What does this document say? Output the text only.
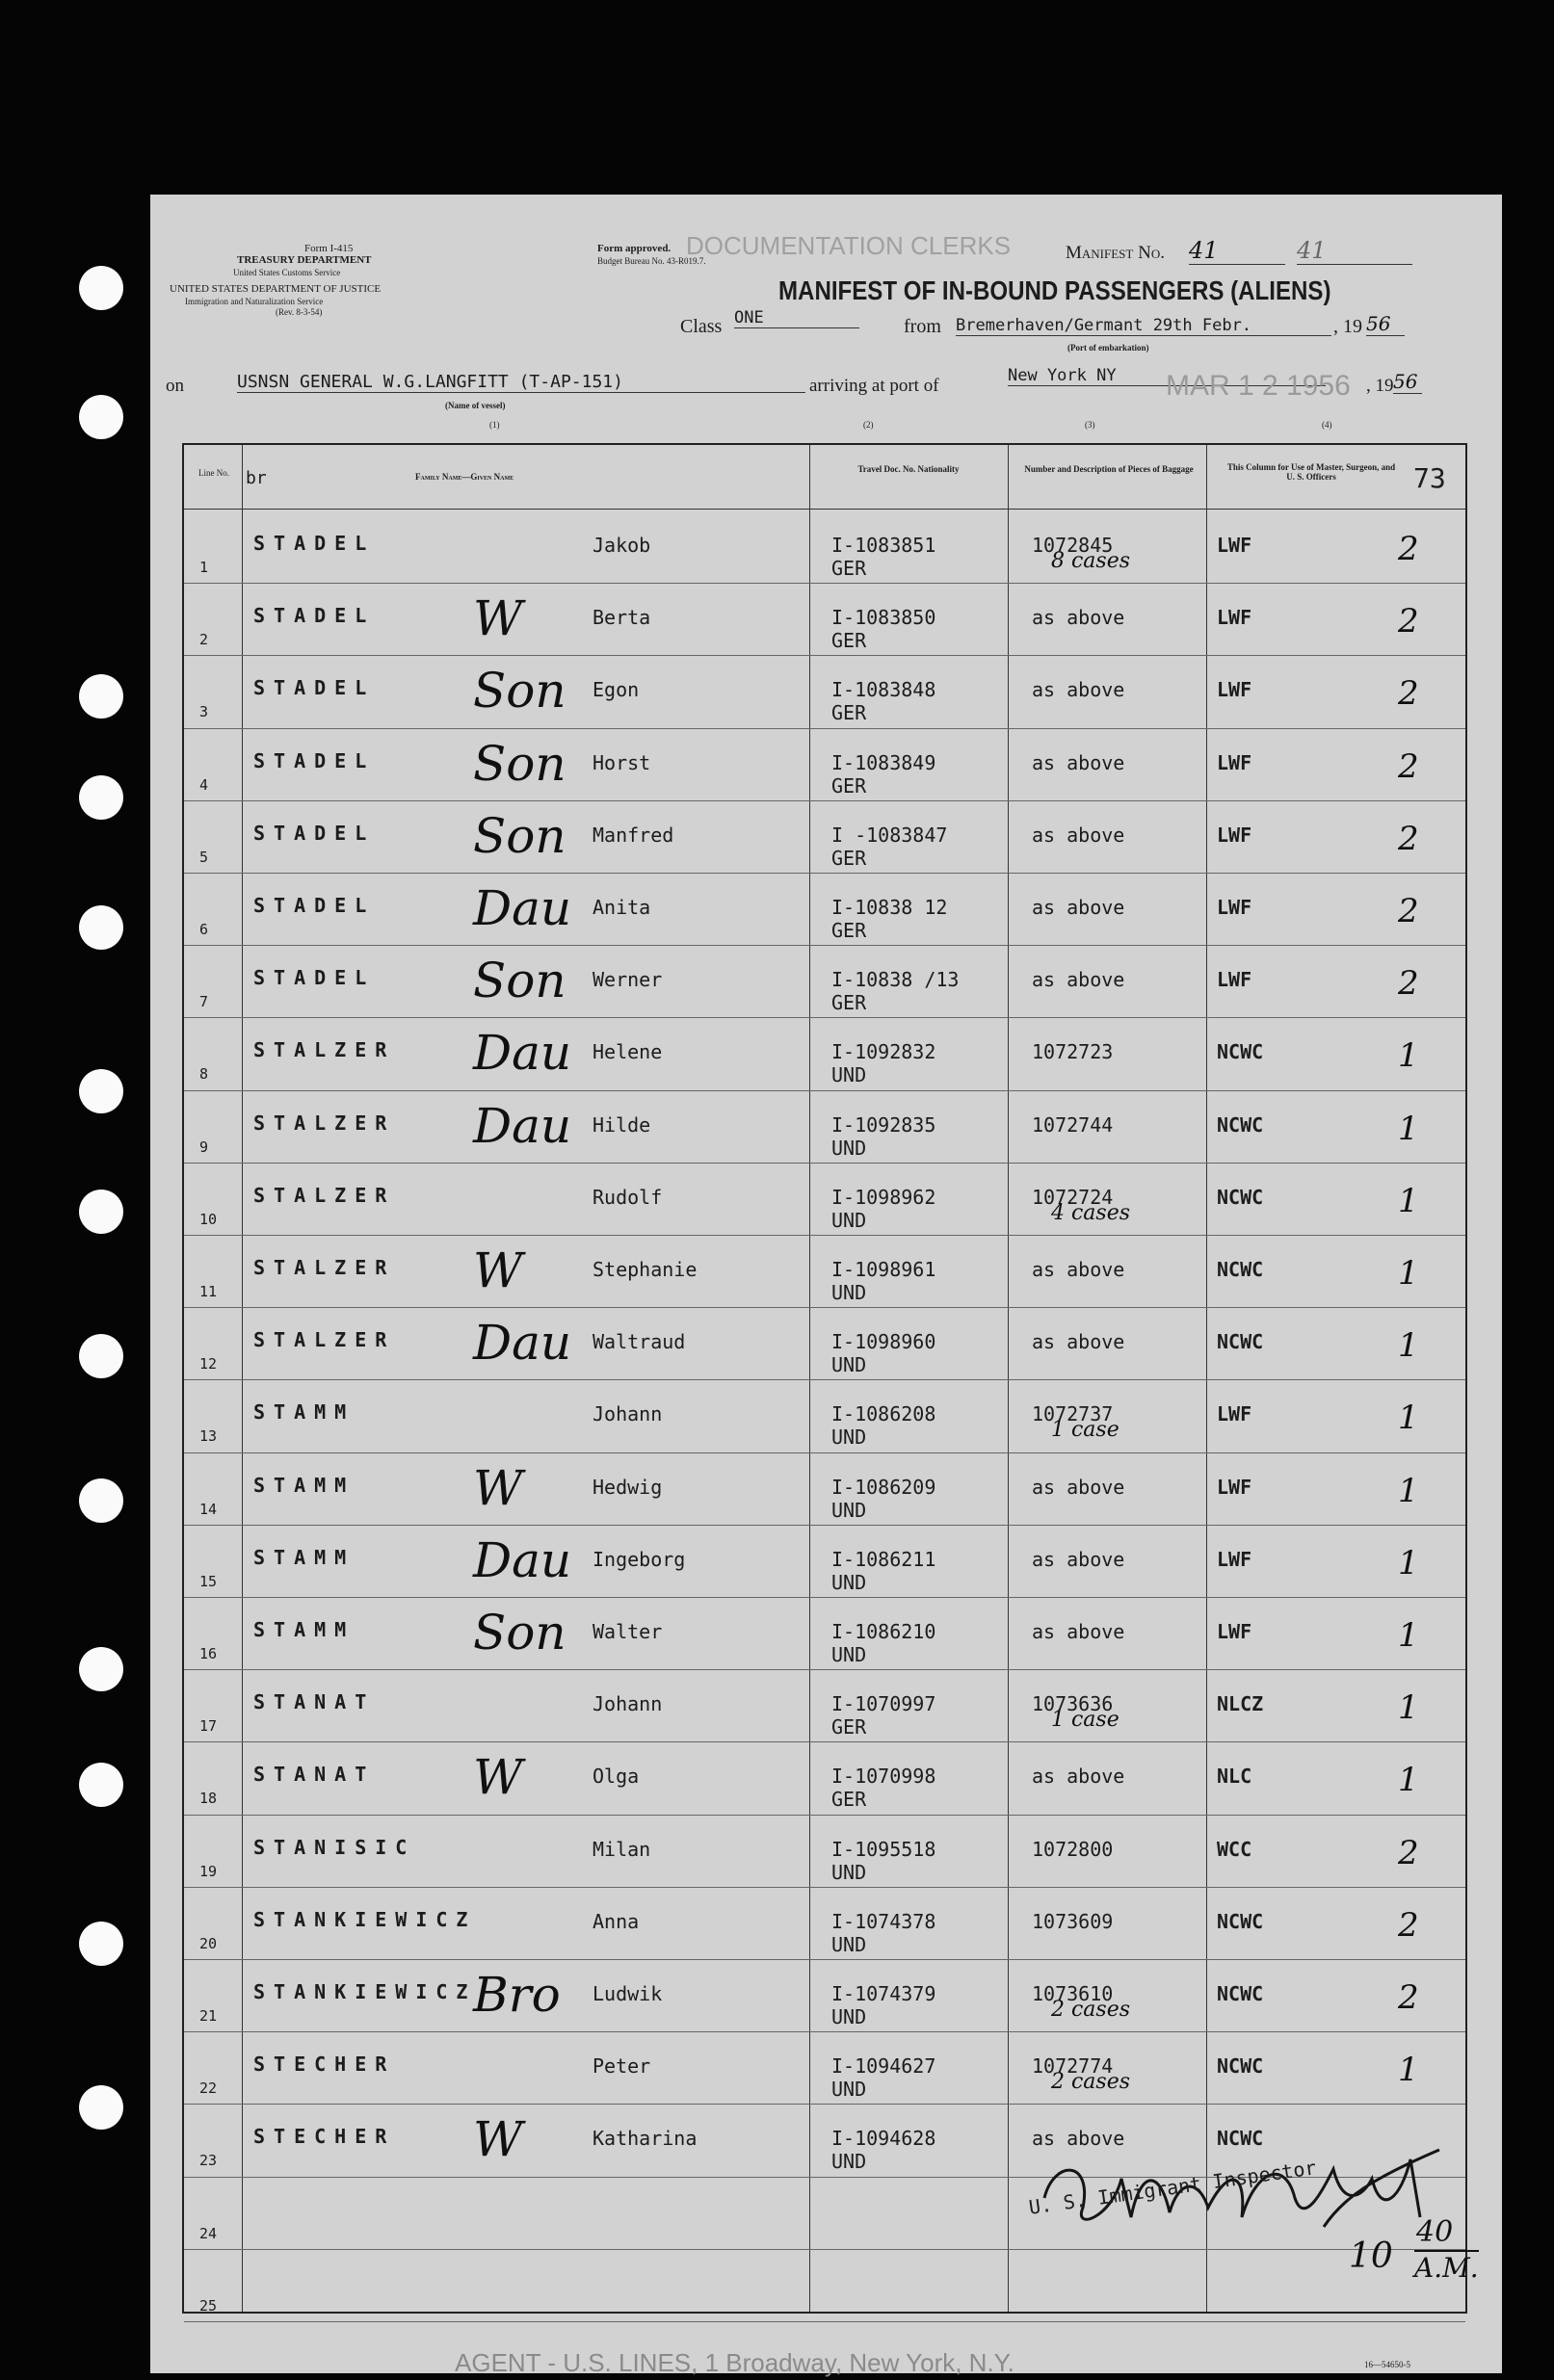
Form I-415
TREASURY DEPARTMENT
United States Customs Service
UNITED STATES DEPARTMENT OF JUSTICE
Immigration and Naturalization Service
(Rev. 8-3-54)
Form approved.
Budget Bureau No. 43-R019.7.
DOCUMENTATION CLERKS	Manifest No. 41	41
MANIFEST OF IN-BOUND PASSENGERS (ALIENS)
Class ONE	from Bremerhaven/Germant 29th Febr.	, 19 56
(Port of embarkation)
on	USNSN GENERAL W.G.LANGFITT (T-AP-151)
(Name of vessel)
arriving at port of	New York NY	MAR 1 2 1956 , 19 56
(1)	(2)	(3)	(4)
Line No. br	Family Name—Given Name
Travel Doc. No. Nationality	Number and Description of Pieces of Baggage	This Column for Use of Master, Surgeon, and U. S. Officers	73
1
STADEL	Jakob	I-1083851
GER
1072845
8 cases
LWF	2
2
STADEL W	Berta	I-1083850
GER
as above	LWF	2
3
STADEL Son Egon	I-1083848
GER
as above	LWF	2
4
STADEL Son Horst	I-1083849
GER
as above	LWF	2
5
STADEL Son Manfred	I -1083847
GER
as above	LWF	2
6
STADEL Dau Anita	I-10838 12
GER
as above	LWF	2
7
STADEL Son Werner	I-10838 /13
GER
as above	LWF	2
8
STALZER Dau Helene	I-1092832
UND
1072723	NCWC	1
9
STALZER Dau Hilde	I-1092835
UND
1072744	NCWC	1
10
STALZER	Rudolf	I-1098962
UND
1072724
4 cases
NCWC	1
11
STALZER W	Stephanie	I-1098961
UND
as above	NCWC	1
12
STALZER Dau Waltraud	I-1098960
UND
as above	NCWC	1
13
STAMM	Johann	I-1086208
UND
1072737
1 case
LWF	1
14
STAMM W	Hedwig	I-1086209
UND
as above	LWF	1
15
STAMM Dau Ingeborg	I-1086211
UND
as above	LWF	1
16
STAMM Son Walter	I-1086210
UND
as above	LWF	1
17
STANAT	Johann	I-1070997
GER
1073636
1 case
NLCZ	1
18
STANAT W	Olga	I-1070998
GER
as above	NLC	1
19
STANISIC	Milan	I-1095518
UND
1072800	WCC	2
20
STANKIEWICZ	Anna	I-1074378
UND
1073609	NCWC	2
21
STANKIEWICZ
Bro Ludwik	I-1074379
UND
1073610
2 cases
NCWC	2
22
STECHER	Peter	I-1094627
UND
1072774
2 cases
NCWC	1
23
STECHER W	Katharina	I-1094628
UND
as above	NCWC
24
25
U. S. Immigrant Inspector
10
40
A.M.
AGENT - U.S. LINES, 1 Broadway, New York, N.Y.	16—54650-5
